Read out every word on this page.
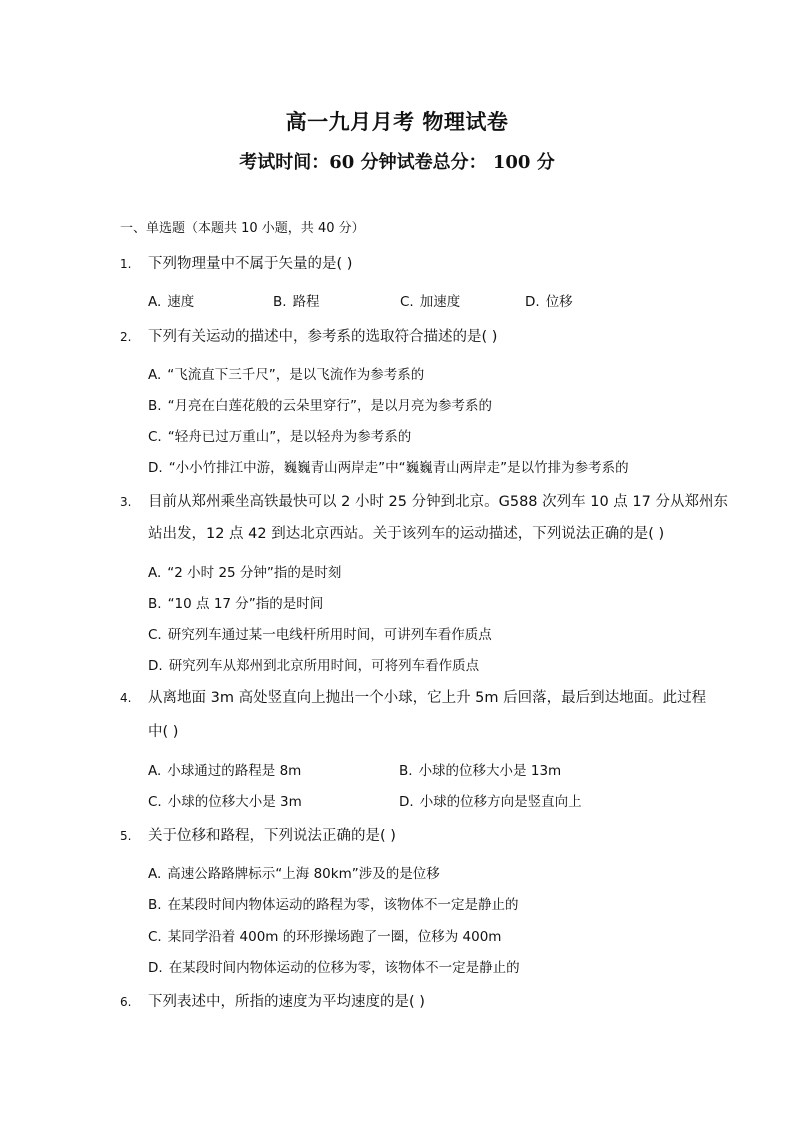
高一九月月考 物理试卷
考试时间：60 分钟试卷总分： 100 分
一、单选题（本题共 10 小题，共 40 分）
1. 下列物理量中不属于矢量的是( )
A. 速度	B. 路程	C. 加速度	D. 位移
2. 下列有关运动的描述中，参考系的选取符合描述的是( )
A. “飞流直下三千尺”，是以飞流作为参考系的
B. “月亮在白莲花般的云朵里穿行”，是以月亮为参考系的
C. “轻舟已过万重山”，是以轻舟为参考系的
D. “小小竹排江中游，巍巍青山两岸走”中“巍巍青山两岸走”是以竹排为参考系的
3. 目前从郑州乘坐高铁最快可以 2 小时 25 分钟到北京。G588 次列车 10 点 17 分从郑州东
站出发，12 点 42 到达北京西站。关于该列车的运动描述，下列说法正确的是( )
A. “2 小时 25 分钟”指的是时刻
B. “10 点 17 分”指的是时间
C. 研究列车通过某一电线杆所用时间，可讲列车看作质点
D. 研究列车从郑州到北京所用时间，可将列车看作质点
4. 从离地面 3m 高处竖直向上抛出一个小球，它上升 5m 后回落，最后到达地面。此过程
中( )
A. 小球通过的路程是 8m	B. 小球的位移大小是 13m
C. 小球的位移大小是 3m	D. 小球的位移方向是竖直向上
5. 关于位移和路程，下列说法正确的是( )
A. 高速公路路牌标示“上海 80km”涉及的是位移
B. 在某段时间内物体运动的路程为零，该物体不一定是静止的
C. 某同学沿着 400m 的环形操场跑了一圈，位移为 400m
D. 在某段时间内物体运动的位移为零，该物体不一定是静止的
6. 下列表述中，所指的速度为平均速度的是( )
